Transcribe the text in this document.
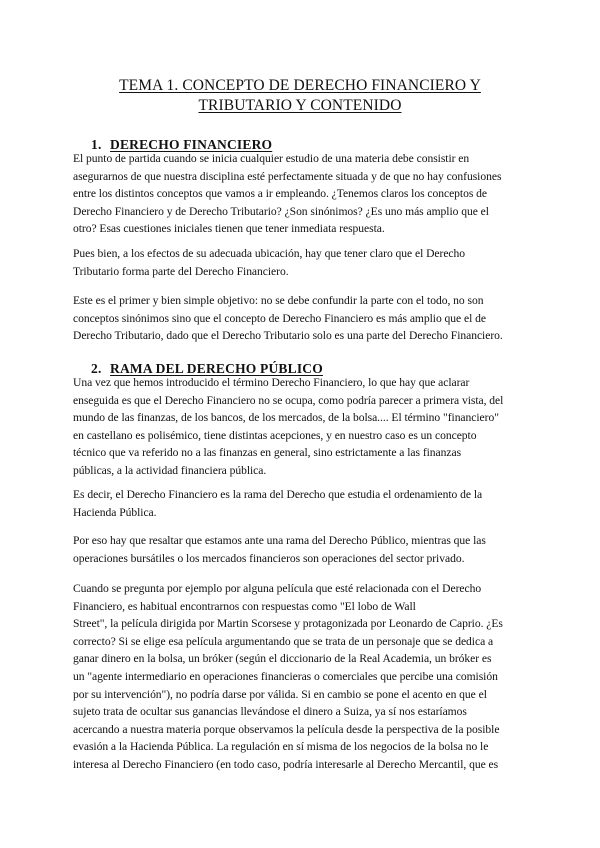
TEMA 1. CONCEPTO DE DERECHO FINANCIERO Y
TRIBUTARIO Y CONTENIDO
1. DERECHO FINANCIERO
El punto de partida cuando se inicia cualquier estudio de una materia debe consistir en
asegurarnos de que nuestra disciplina esté perfectamente situada y de que no hay confusiones
entre los distintos conceptos que vamos a ir empleando. ¿Tenemos claros los conceptos de
Derecho Financiero y de Derecho Tributario? ¿Son sinónimos? ¿Es uno más amplio que el
otro? Esas cuestiones iniciales tienen que tener inmediata respuesta.
Pues bien, a los efectos de su adecuada ubicación, hay que tener claro que el Derecho
Tributario forma parte del Derecho Financiero.
Este es el primer y bien simple objetivo: no se debe confundir la parte con el todo, no son
conceptos sinónimos sino que el concepto de Derecho Financiero es más amplio que el de
Derecho Tributario, dado que el Derecho Tributario solo es una parte del Derecho Financiero.
2. RAMA DEL DERECHO PÚBLICO
Una vez que hemos introducido el término Derecho Financiero, lo que hay que aclarar
enseguida es que el Derecho Financiero no se ocupa, como podría parecer a primera vista, del
mundo de las finanzas, de los bancos, de los mercados, de la bolsa.... El término "financiero"
en castellano es polisémico, tiene distintas acepciones, y en nuestro caso es un concepto
técnico que va referido no a las finanzas en general, sino estrictamente a las finanzas
públicas, a la actividad financiera pública.
Es decir, el Derecho Financiero es la rama del Derecho que estudia el ordenamiento de la
Hacienda Pública.
Por eso hay que resaltar que estamos ante una rama del Derecho Público, mientras que las
operaciones bursátiles o los mercados financieros son operaciones del sector privado.
Cuando se pregunta por ejemplo por alguna película que esté relacionada con el Derecho
Financiero, es habitual encontrarnos con respuestas como "El lobo de Wall
Street", la película dirigida por Martin Scorsese y protagonizada por Leonardo de Caprio. ¿Es
correcto? Si se elige esa película argumentando que se trata de un personaje que se dedica a
ganar dinero en la bolsa, un bróker (según el diccionario de la Real Academia, un bróker es
un "agente intermediario en operaciones financieras o comerciales que percibe una comisión
por su intervención"), no podría darse por válida. Si en cambio se pone el acento en que el
sujeto trata de ocultar sus ganancias llevándose el dinero a Suiza, ya sí nos estaríamos
acercando a nuestra materia porque observamos la película desde la perspectiva de la posible
evasión a la Hacienda Pública. La regulación en sí misma de los negocios de la bolsa no le
interesa al Derecho Financiero (en todo caso, podría interesarle al Derecho Mercantil, que es
